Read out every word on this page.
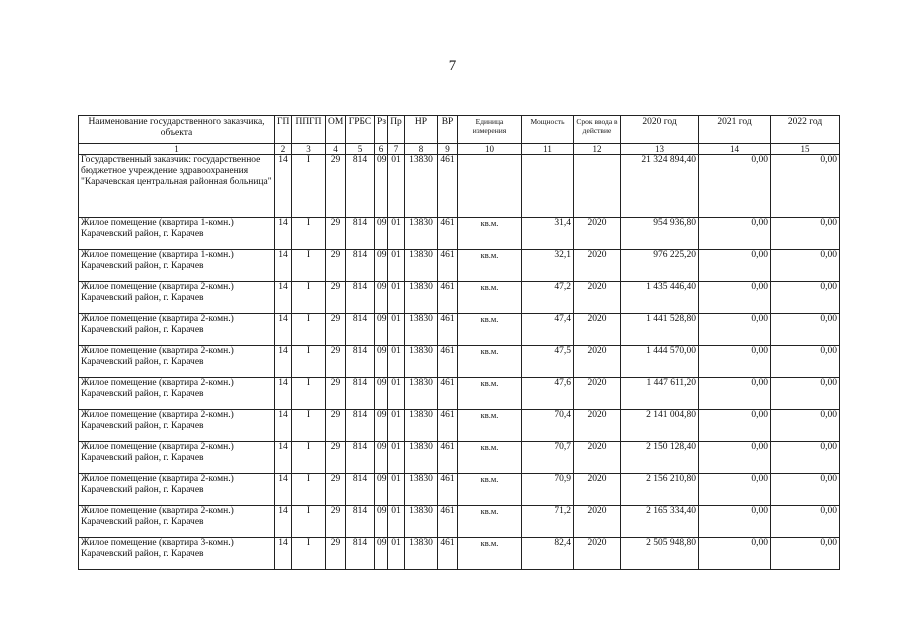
7
Наименование государственного заказчика, объекта	ГП	ППГП	ОМ	ГРБС	Рз	Пр	НР	ВР	Единица измерения	Мощность	Срок ввода в действие	2020 год	2021 год	2022 год
1	2	3	4	5	6	7	8	9	10	11	12	13	14	15
Государственный заказчик: государственное бюджетное учреждение здравоохранения "Карачевская центральная районная больница"	14	I	29	814	09	01	13830	461				21 324 894,40	0,00	0,00
Жилое помещение (квартира 1-комн.) Карачевский район, г. Карачев	14	I	29	814	09	01	13830	461	кв.м.	31,4	2020	954 936,80	0,00	0,00
Жилое помещение (квартира 1-комн.) Карачевский район, г. Карачев	14	I	29	814	09	01	13830	461	кв.м.	32,1	2020	976 225,20	0,00	0,00
Жилое помещение (квартира 2-комн.) Карачевский район, г. Карачев	14	I	29	814	09	01	13830	461	кв.м.	47,2	2020	1 435 446,40	0,00	0,00
Жилое помещение (квартира 2-комн.) Карачевский район, г. Карачев	14	I	29	814	09	01	13830	461	кв.м.	47,4	2020	1 441 528,80	0,00	0,00
Жилое помещение (квартира 2-комн.) Карачевский район, г. Карачев	14	I	29	814	09	01	13830	461	кв.м.	47,5	2020	1 444 570,00	0,00	0,00
Жилое помещение (квартира 2-комн.) Карачевский район, г. Карачев	14	I	29	814	09	01	13830	461	кв.м.	47,6	2020	1 447 611,20	0,00	0,00
Жилое помещение (квартира 2-комн.) Карачевский район, г. Карачев	14	I	29	814	09	01	13830	461	кв.м.	70,4	2020	2 141 004,80	0,00	0,00
Жилое помещение (квартира 2-комн.) Карачевский район, г. Карачев	14	I	29	814	09	01	13830	461	кв.м.	70,7	2020	2 150 128,40	0,00	0,00
Жилое помещение (квартира 2-комн.) Карачевский район, г. Карачев	14	I	29	814	09	01	13830	461	кв.м.	70,9	2020	2 156 210,80	0,00	0,00
Жилое помещение (квартира 2-комн.) Карачевский район, г. Карачев	14	I	29	814	09	01	13830	461	кв.м.	71,2	2020	2 165 334,40	0,00	0,00
Жилое помещение (квартира 3-комн.) Карачевский район, г. Карачев	14	I	29	814	09	01	13830	461	кв.м.	82,4	2020	2 505 948,80	0,00	0,00
